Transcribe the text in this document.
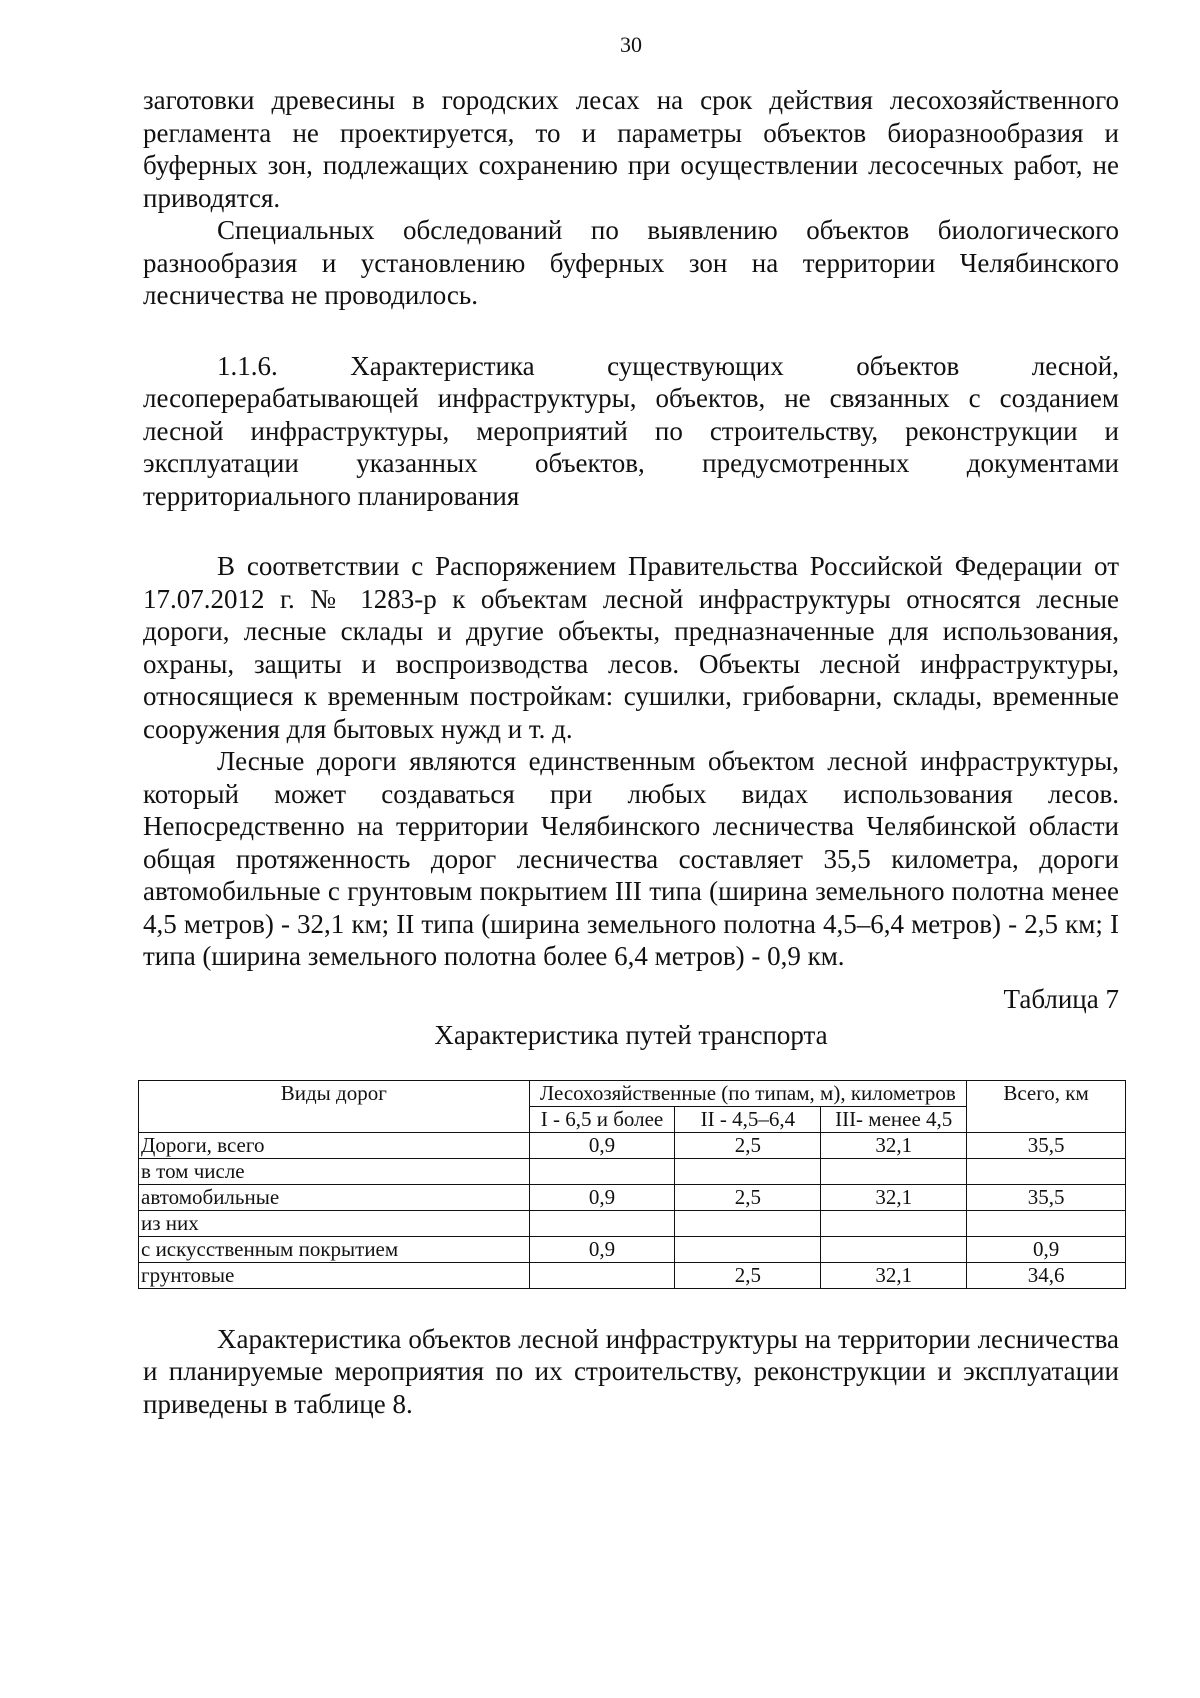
30

заготовки древесины в городских лесах на срок действия лесохозяйственного регламента не проектируется, то и параметры объектов биоразнообразия и буферных зон, подлежащих сохранению при осуществлении лесосечных работ, не приводятся.

Специальных обследований по выявлению объектов биологического разнообразия и установлению буферных зон на территории Челябинского лесничества не проводилось.

1.1.6. Характеристика существующих объектов лесной, лесоперерабатывающей инфраструктуры, объектов, не связанных с созданием лесной инфраструктуры, мероприятий по строительству, реконструкции и эксплуатации указанных объектов, предусмотренных документами территориального планирования

В соответствии с Распоряжением Правительства Российской Федерации от 17.07.2012 г. № 1283-р к объектам лесной инфраструктуры относятся лесные дороги, лесные склады и другие объекты, предназначенные для использования, охраны, защиты и воспроизводства лесов. Объекты лесной инфраструктуры, относящиеся к временным постройкам: сушилки, грибоварни, склады, временные сооружения для бытовых нужд и т. д.

Лесные дороги являются единственным объектом лесной инфраструктуры, который может создаваться при любых видах использования лесов. Непосредственно на территории Челябинского лесничества Челябинской области общая протяженность дорог лесничества составляет 35,5 километра, дороги автомобильные с грунтовым покрытием III типа (ширина земельного полотна менее 4,5 метров) - 32,1 км; II типа (ширина земельного полотна 4,5–6,4 метров) - 2,5 км; I типа (ширина земельного полотна более 6,4 метров) - 0,9 км.

Таблица 7
Характеристика путей транспорта
Виды дорог	Лесохозяйственные (по типам, м), километров			Всего, км
	I - 6,5 и более	II - 4,5–6,4	III- менее 4,5	
Дороги, всего	0,9	2,5	32,1	35,5
в том числе				
автомобильные	0,9	2,5	32,1	35,5
из них				
с искусственным покрытием	0,9			0,9
грунтовые		2,5	32,1	34,6

Характеристика объектов лесной инфраструктуры на территории лесничества и планируемые мероприятия по их строительству, реконструкции и эксплуатации приведены в таблице 8.
